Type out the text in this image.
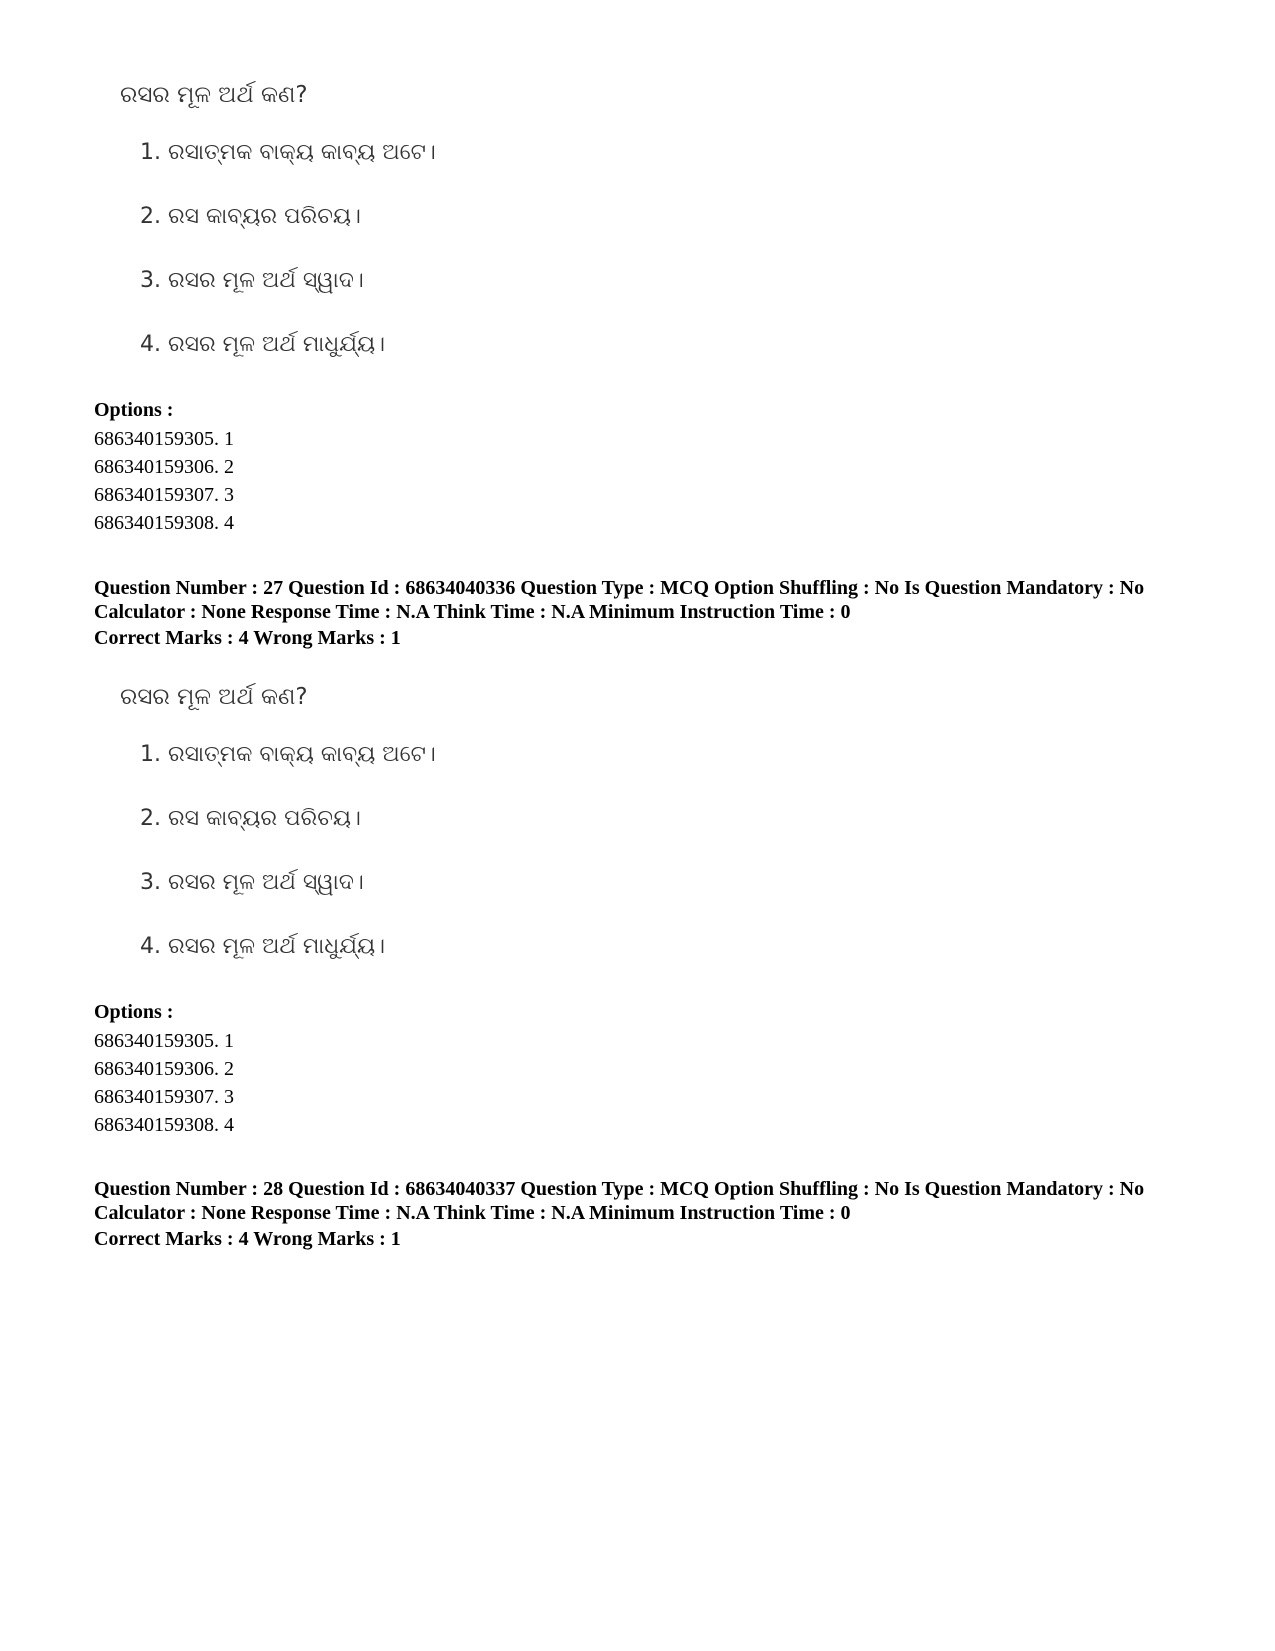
ରସର ମୂଳ ଅର୍ଥ କଣ?
1. ରସାତ୍ମକ ବାକ୍ୟ କାବ୍ୟ ଅଟେ।
2. ରସ କାବ୍ୟର ପରିଚୟ।
3. ରସର ମୂଳ ଅର୍ଥ ସ୍ୱାଦ।
4. ରସର ମୂଳ ଅର୍ଥ ମାଧୁର୍ଯ୍ୟ।
Options :
686340159305. 1
686340159306. 2
686340159307. 3
686340159308. 4
Question Number : 27 Question Id : 68634040336 Question Type : MCQ Option Shuffling : No Is Question Mandatory : No Calculator : None Response Time : N.A Think Time : N.A Minimum Instruction Time : 0
Correct Marks : 4 Wrong Marks : 1
ରସର ମୂଳ ଅର୍ଥ କଣ?
1. ରସାତ୍ମକ ବାକ୍ୟ କାବ୍ୟ ଅଟେ।
2. ରସ କାବ୍ୟର ପରିଚୟ।
3. ରସର ମୂଳ ଅର୍ଥ ସ୍ୱାଦ।
4. ରସର ମୂଳ ଅର୍ଥ ମାଧୁର୍ଯ୍ୟ।
Options :
686340159305. 1
686340159306. 2
686340159307. 3
686340159308. 4
Question Number : 28 Question Id : 68634040337 Question Type : MCQ Option Shuffling : No Is Question Mandatory : No Calculator : None Response Time : N.A Think Time : N.A Minimum Instruction Time : 0
Correct Marks : 4 Wrong Marks : 1
